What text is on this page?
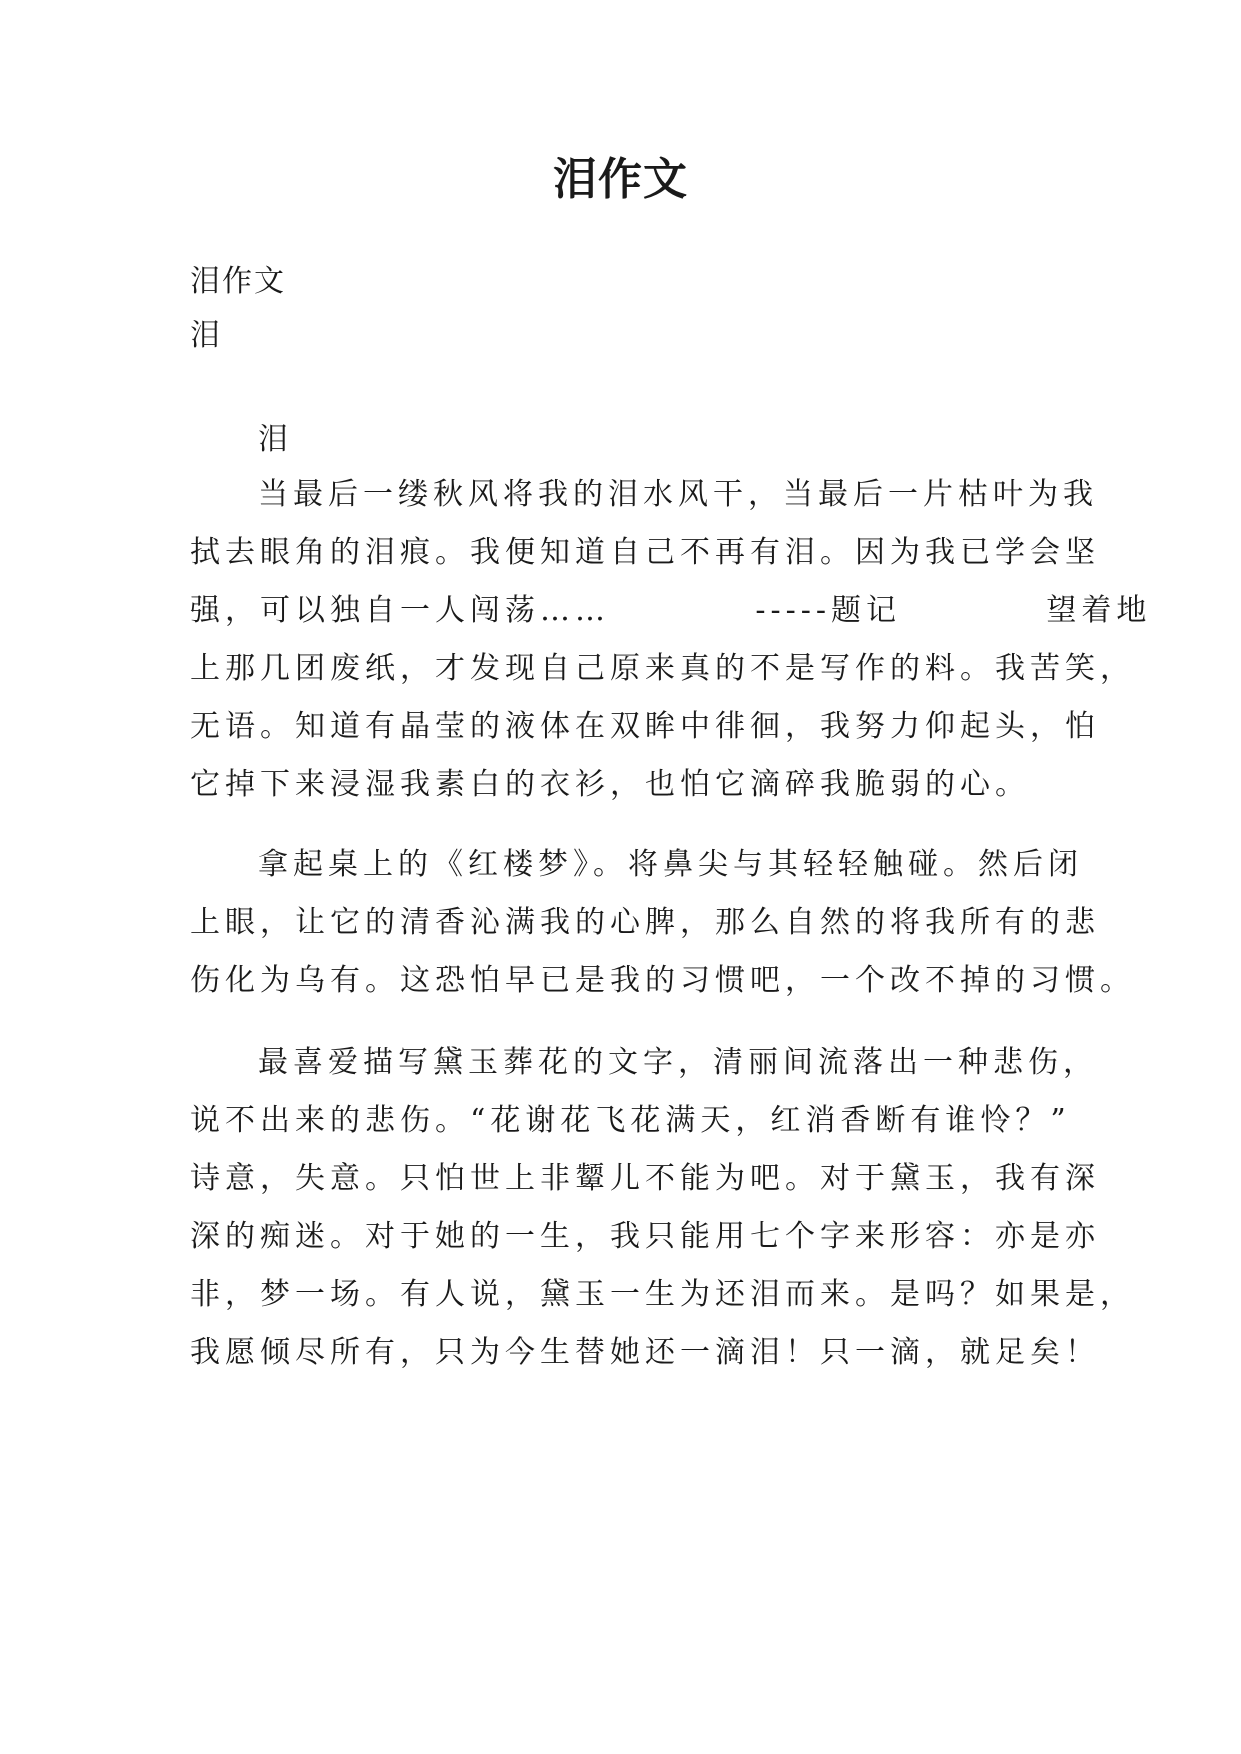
泪作文

泪作文

泪

泪

当最后一缕秋风将我的泪水风干，当最后一片枯叶为我
拭去眼角的泪痕。我便知道自己不再有泪。因为我已学会坚
强，可以独自一人闯荡……          -----题记          望着地
上那几团废纸，才发现自己原来真的不是写作的料。我苦笑，
无语。知道有晶莹的液体在双眸中徘徊，我努力仰起头，怕
它掉下来浸湿我素白的衣衫，也怕它滴碎我脆弱的心。
拿起桌上的《红楼梦》。将鼻尖与其轻轻触碰。然后闭
上眼，让它的清香沁满我的心脾，那么自然的将我所有的悲
伤化为乌有。这恐怕早已是我的习惯吧，一个改不掉的习惯。
最喜爱描写黛玉葬花的文字，清丽间流落出一种悲伤，
说不出来的悲伤。“花谢花飞花满天，红消香断有谁怜？”
诗意，失意。只怕世上非颦儿不能为吧。对于黛玉，我有深
深的痴迷。对于她的一生，我只能用七个字来形容：亦是亦
非，梦一场。有人说，黛玉一生为还泪而来。是吗？如果是，
我愿倾尽所有，只为今生替她还一滴泪！只一滴，就足矣！
